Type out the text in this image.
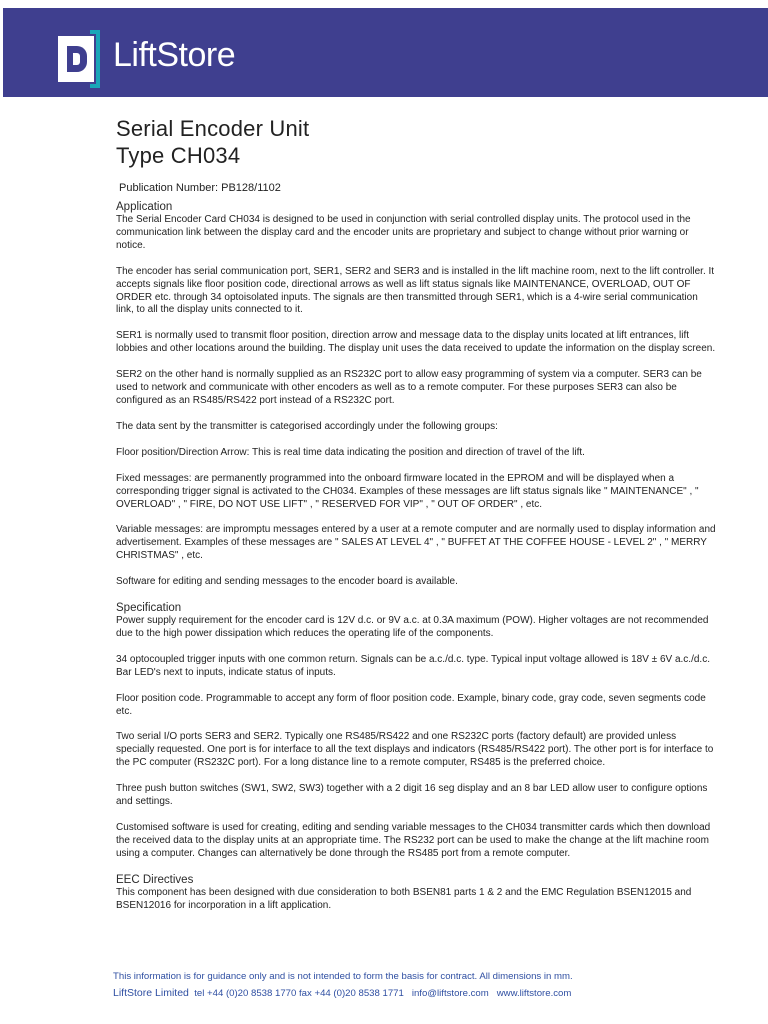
LiftStore
Serial Encoder Unit
Type CH034
Publication Number: PB128/1102
Application

The Serial Encoder Card CH034 is designed to be used in conjunction with serial controlled display units. The protocol used in the communication link between the display card and the encoder units are proprietary and subject to change without prior warning or notice.

The encoder has serial communication port, SER1, SER2 and SER3 and is installed in the lift machine room, next to the lift controller. It accepts signals like floor position code, directional arrows as well as lift status signals like MAINTENANCE, OVERLOAD, OUT OF ORDER etc. through 34 optoisolated inputs. The signals are then transmitted through SER1, which is a 4-wire serial communication link, to all the display units connected to it.

SER1 is normally used to transmit floor position, direction arrow and message data to the display units located at lift entrances, lift lobbies and other locations around the building. The display unit uses the data received to update the information on the display screen.

SER2 on the other hand is normally supplied as an RS232C port to allow easy programming of system via a computer. SER3 can be used to network and communicate with other encoders as well as to a remote computer. For these purposes SER3 can also be configured as an RS485/RS422 port instead of a RS232C port.

The data sent by the transmitter is categorised accordingly under the following groups:

Floor position/Direction Arrow: This is real time data indicating the position and direction of travel of the lift.

Fixed messages: are permanently programmed into the onboard firmware located in the EPROM and will be displayed when a corresponding trigger signal is activated to the CH034. Examples of these messages are lift status signals like " MAINTENANCE" , " OVERLOAD" , " FIRE, DO NOT USE LIFT" , " RESERVED FOR VIP" , " OUT OF ORDER" , etc.

Variable messages: are impromptu messages entered by a user at a remote computer and are normally used to display information and advertisement. Examples of these messages are " SALES AT LEVEL 4" , " BUFFET AT THE COFFEE HOUSE - LEVEL 2" , " MERRY CHRISTMAS" , etc.

Software for editing and sending messages to the encoder board is available.

Specification

Power supply requirement for the encoder card is 12V d.c. or 9V a.c. at 0.3A maximum (POW). Higher voltages are not recommended due to the high power dissipation which reduces the operating life of the components.

34 optocoupled trigger inputs with one common return. Signals can be a.c./d.c. type. Typical input voltage allowed is 18V ± 6V a.c./d.c. Bar LED's next to inputs, indicate status of inputs.

Floor position code. Programmable to accept any form of floor position code. Example, binary code, gray code, seven segments code etc.

Two serial I/O ports SER3 and SER2. Typically one RS485/RS422 and one RS232C ports (factory default) are provided unless specially requested. One port is for interface to all the text displays and indicators (RS485/RS422 port). The other port is for interface to the PC computer (RS232C port). For a long distance line to a remote computer, RS485 is the preferred choice.

Three push button switches (SW1, SW2, SW3) together with a 2 digit 16 seg display and an 8 bar LED allow user to configure options and settings.

Customised software is used for creating, editing and sending variable messages to the CH034 transmitter cards which then download the received data to the display units at an appropriate time. The RS232 port can be used to make the change at the lift machine room using a computer. Changes can alternatively be done through the RS485 port from a remote computer.

EEC Directives

This component has been designed with due consideration to both BSEN81 parts 1 & 2 and the EMC Regulation BSEN12015 and BSEN12016 for incorporation in a lift application.

This information is for guidance only and is not intended to form the basis for contract. All dimensions in mm.
LiftStore Limited  tel +44 (0)20 8538 1770 fax +44 (0)20 8538 1771   info@liftstore.com   www.liftstore.com
